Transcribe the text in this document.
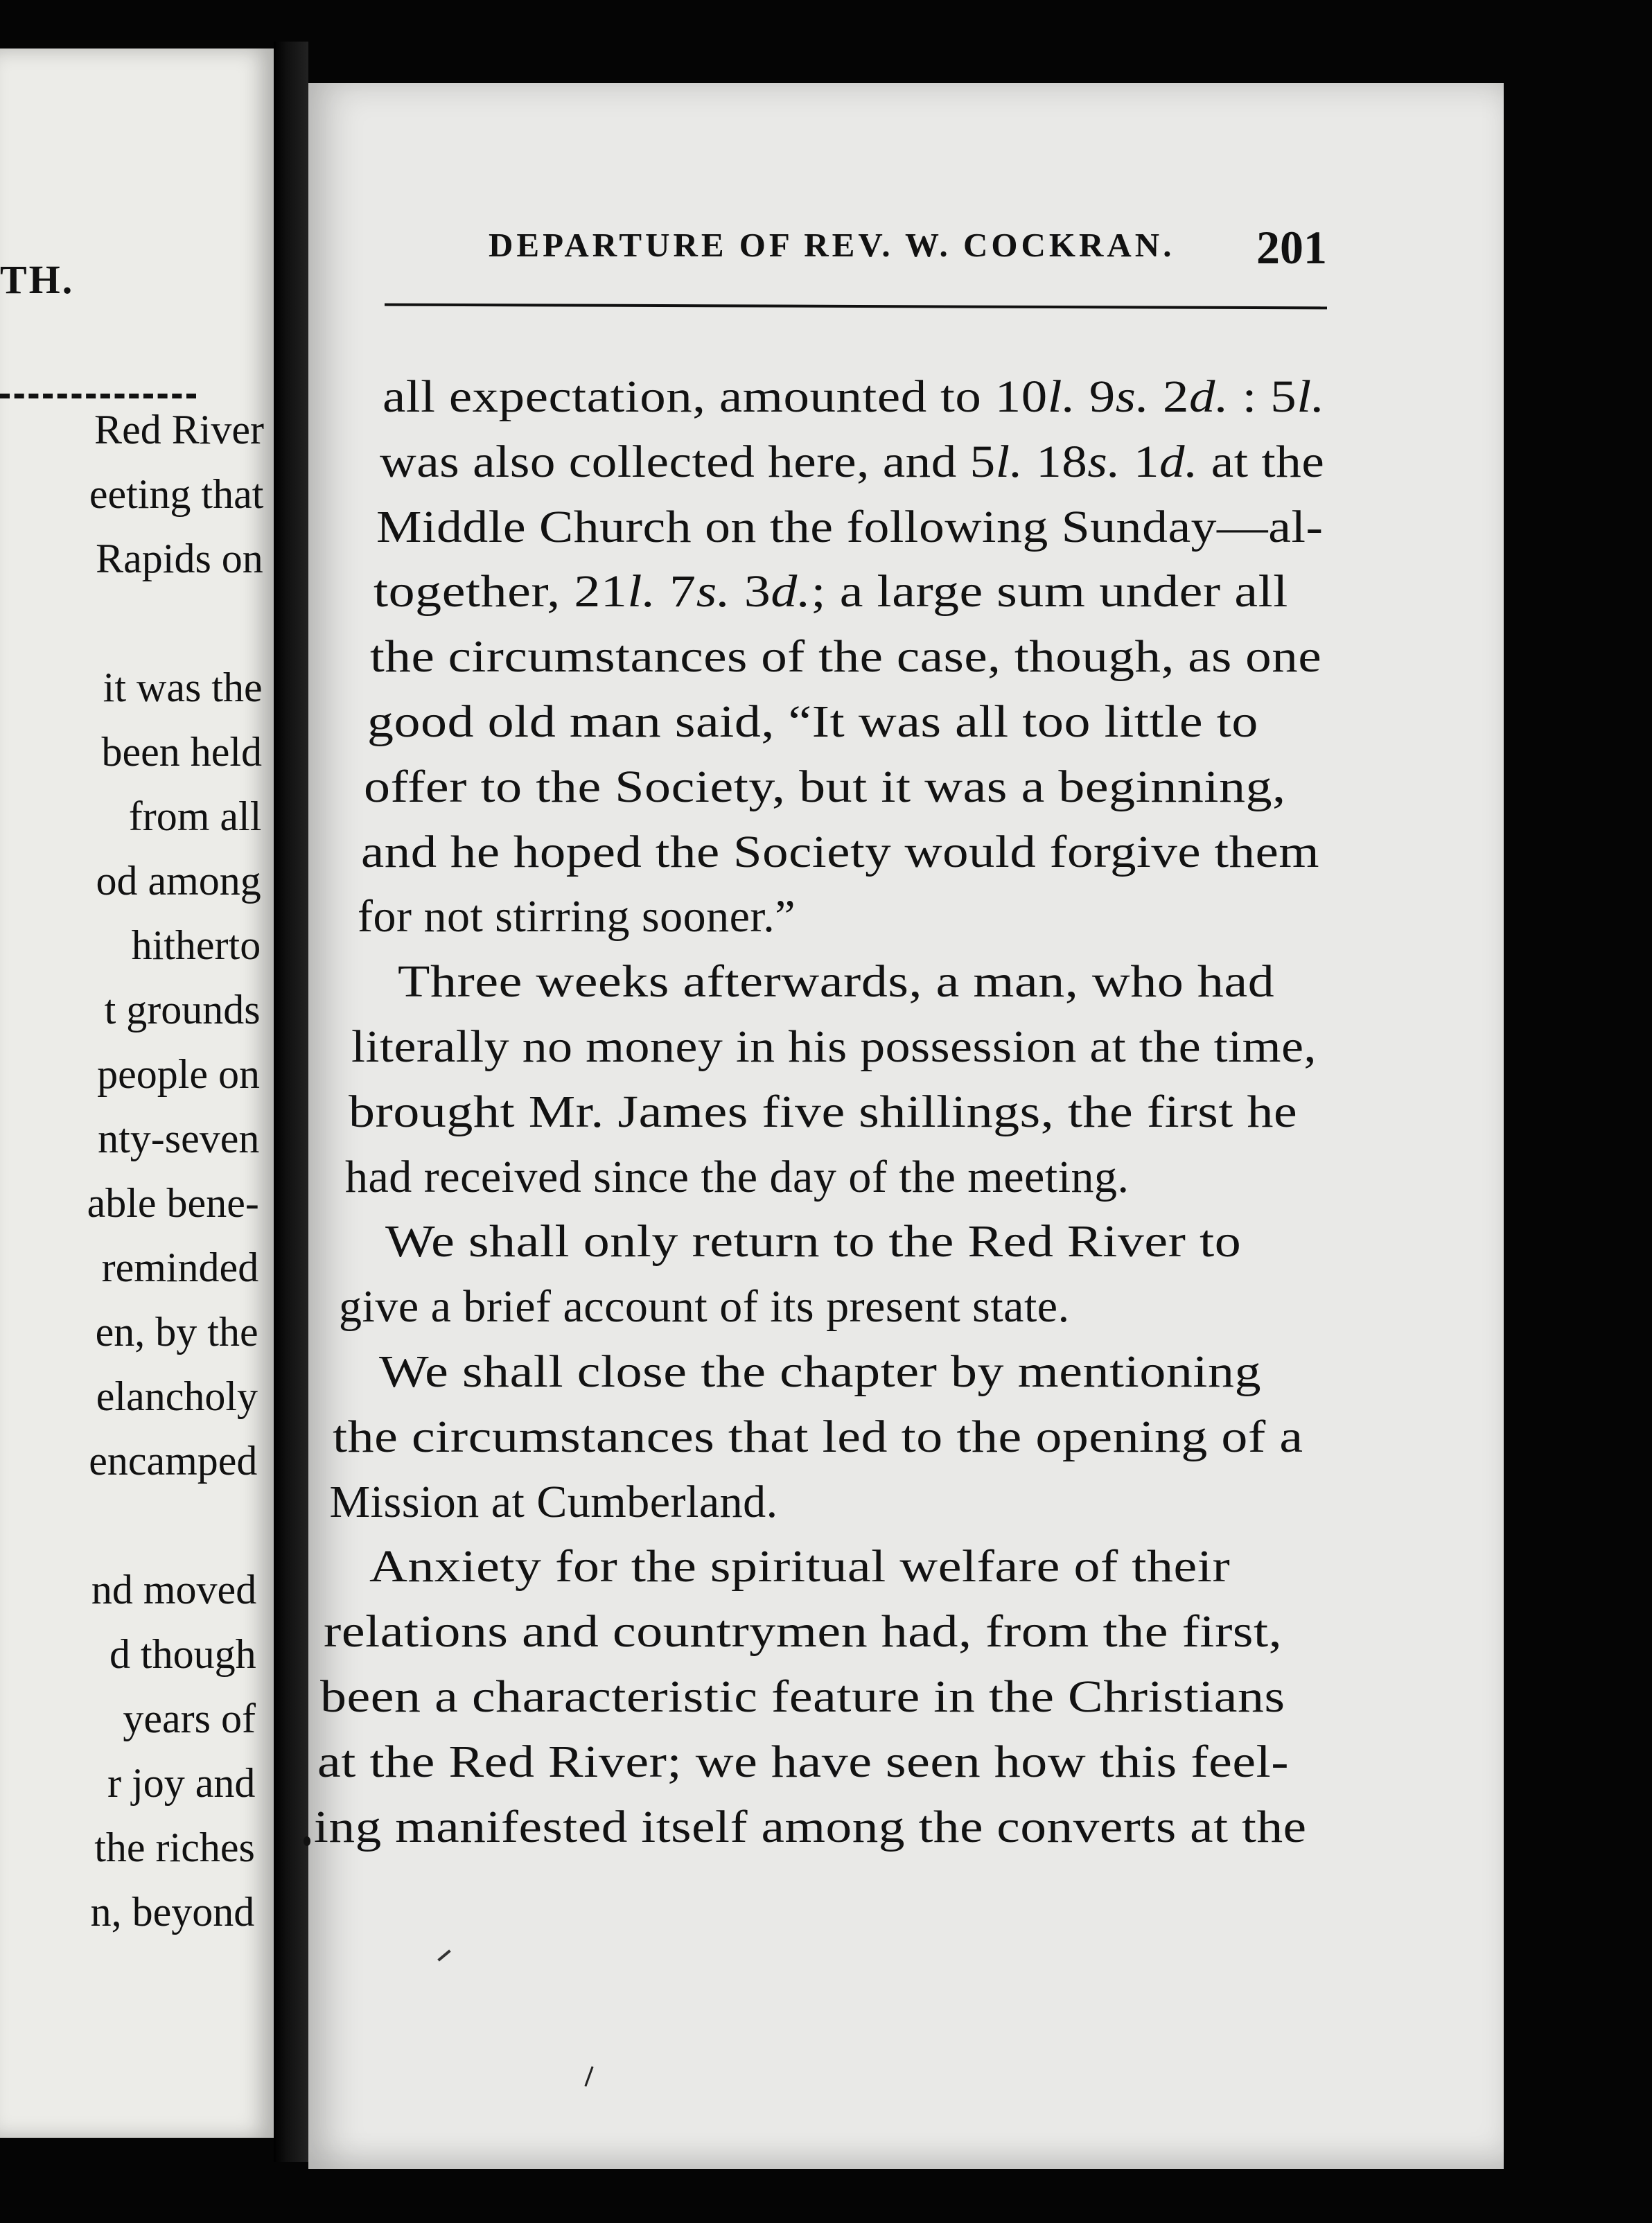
TH.
Red River
eeting that
Rapids on
it was the
been held
from all
od among
hitherto
t grounds
people on
nty-seven
able bene-
reminded
en, by the
elancholy
encamped
nd moved
d though
years of
r joy and
the riches
n, beyond
DEPARTURE OF REV. W. COCKRAN. 201
all expectation, amounted to 10l. 9s. 2d. : 5l.
was also collected here, and 5l. 18s. 1d. at the
Middle Church on the following Sunday—al-
together, 21l. 7s. 3d.; a large sum under all
the circumstances of the case, though, as one
good old man said, “It was all too little to
offer to the Society, but it was a beginning,
and he hoped the Society would forgive them
for not stirring sooner.”
Three weeks afterwards, a man, who had
literally no money in his possession at the time,
brought Mr. James five shillings, the first he
had received since the day of the meeting.
We shall only return to the Red River to
give a brief account of its present state.
We shall close the chapter by mentioning
the circumstances that led to the opening of a
Mission at Cumberland.
Anxiety for the spiritual welfare of their
relations and countrymen had, from the first,
been a characteristic feature in the Christians
at the Red River; we have seen how this feel-
ing manifested itself among the converts at the
